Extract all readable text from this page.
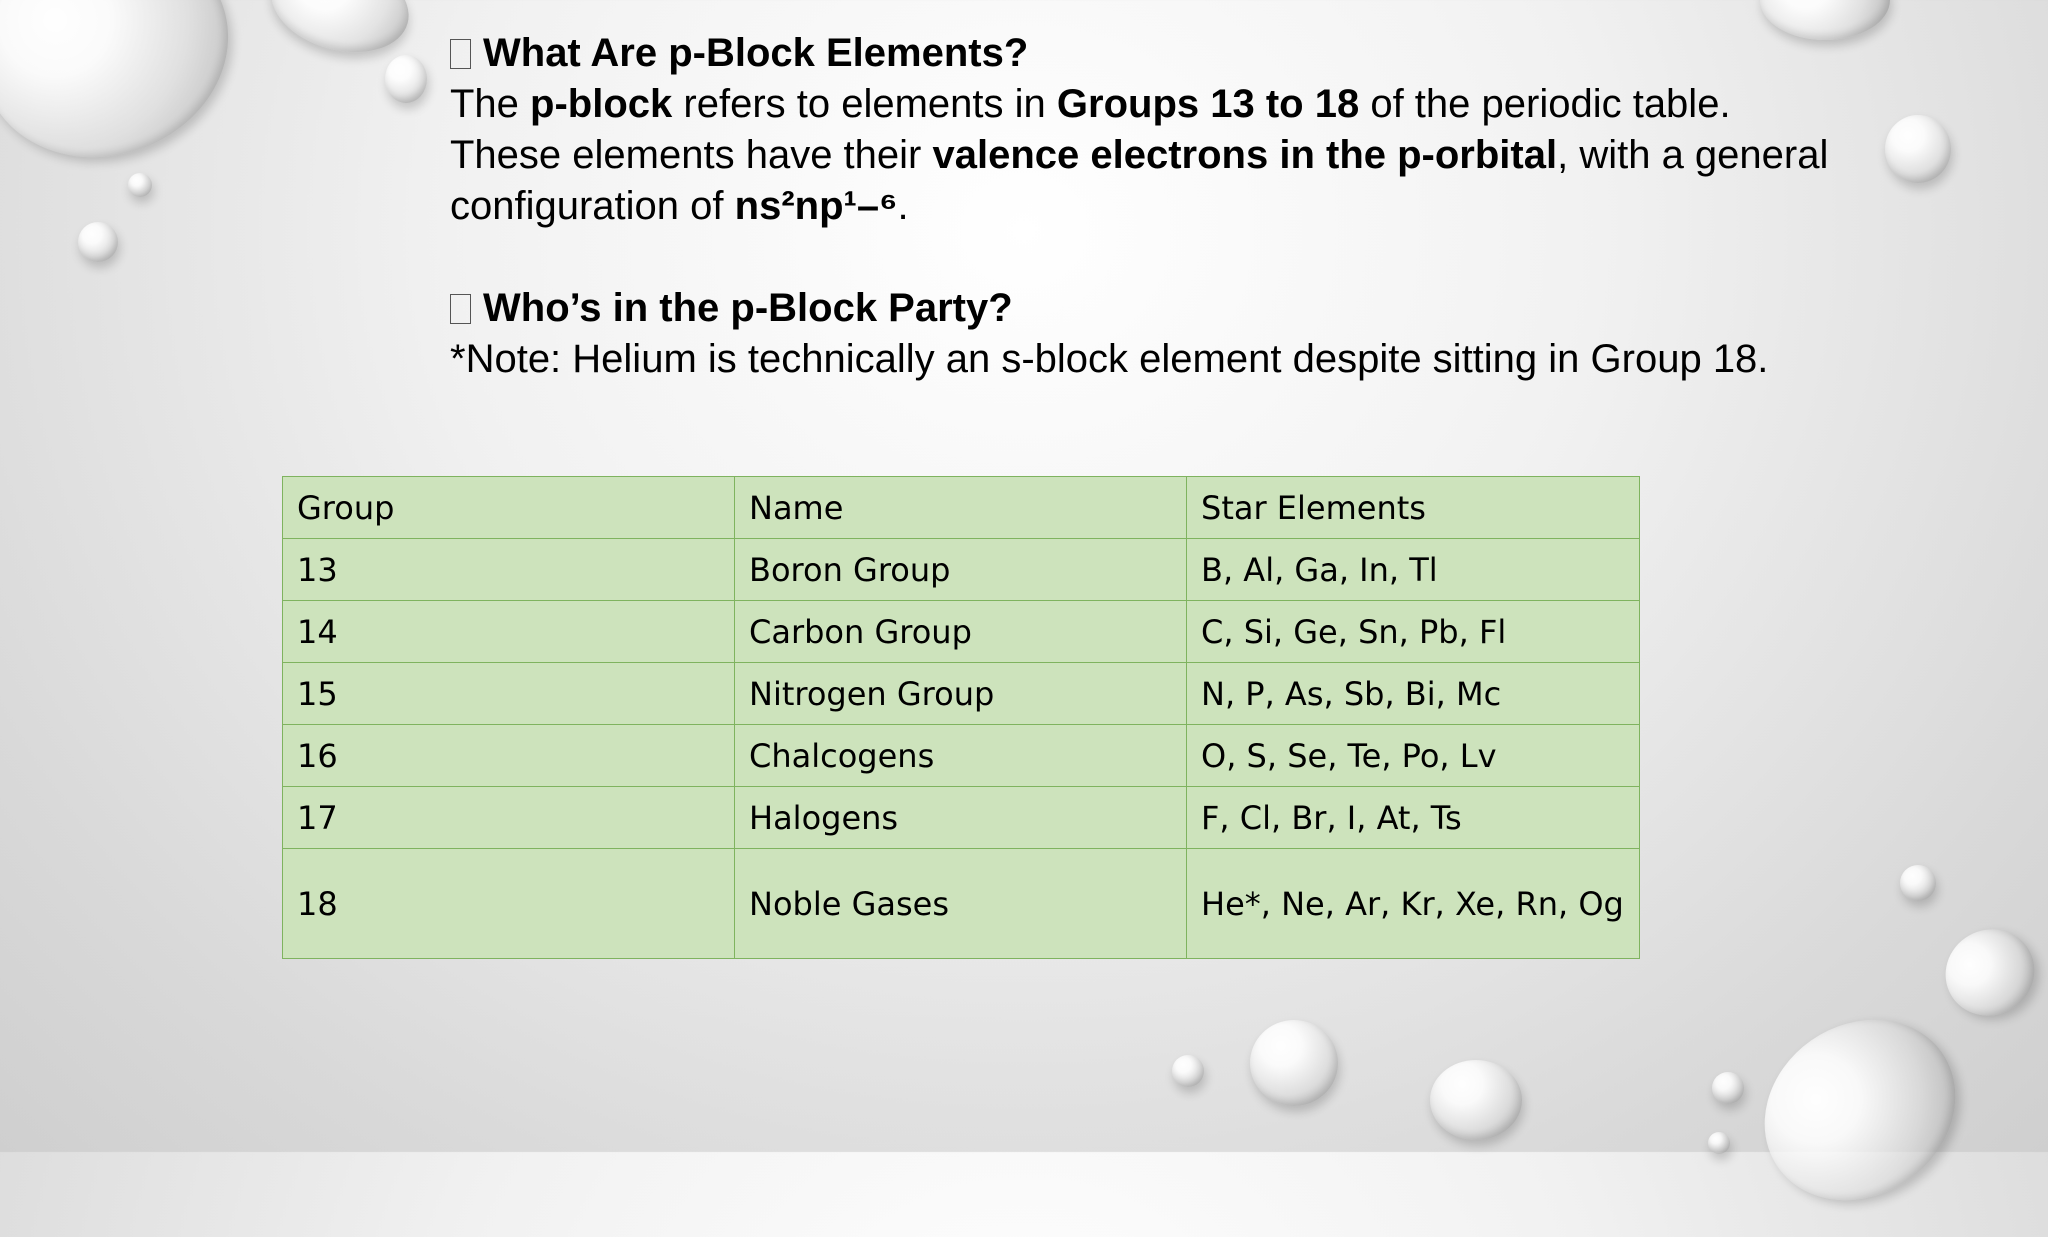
What Are p-Block Elements?
The p-block refers to elements in Groups 13 to 18 of the periodic table. These elements have their valence electrons in the p-orbital, with a general configuration of ns²np¹–⁶.
Who’s in the p-Block Party?
*Note: Helium is technically an s-block element despite sitting in Group 18.
Group	Name	Star Elements
13	Boron Group	B, Al, Ga, In, Tl
14	Carbon Group	C, Si, Ge, Sn, Pb, Fl
15	Nitrogen Group	N, P, As, Sb, Bi, Mc
16	Chalcogens	O, S, Se, Te, Po, Lv
17	Halogens	F, Cl, Br, I, At, Ts
18	Noble Gases	He*, Ne, Ar, Kr, Xe, Rn, Og
